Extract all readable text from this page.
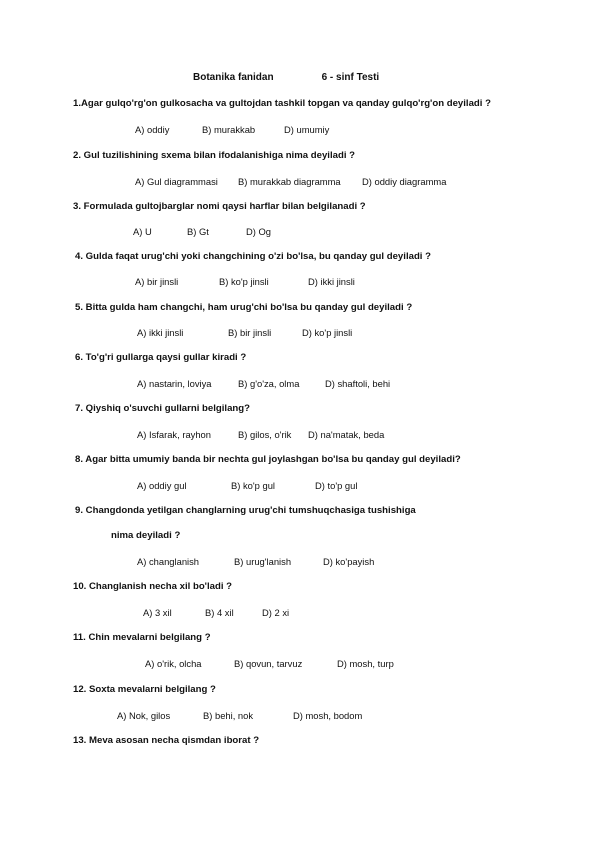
Botanika fanidan	6 - sinf Testi
1.Agar gulqo'rg'on gulkosacha va gultojdan tashkil topgan va qanday gulqo'rg'on deyiladi ?
A) oddiy	B) murakkab	D) umumiy
2. Gul tuzilishining sxema bilan ifodalanishiga nima deyiladi ?
A) Gul diagrammasi B) murakkab diagramma D) oddiy diagramma
3. Formulada gultojbarglar nomi qaysi harflar bilan belgilanadi ?
A) U	B) Gt	D) Og
4. Gulda faqat urug'chi yoki changchining o'zi bo'lsa, bu qanday gul deyiladi ?
A) bir jinsli	B) ko'p jinsli	D) ikki jinsli
5. Bitta gulda ham changchi, ham urug'chi bo'lsa bu qanday gul deyiladi ?
A) ikki jinsli	B) bir jinsli	D) ko'p jinsli
6. To'g'ri gullarga qaysi gullar kiradi ?
A) nastarin, loviya	B) g'o'za, olma	D) shaftoli, behi
7. Qiyshiq o'suvchi gullarni belgilang?
A) Isfarak, rayhon	B) gilos, o'rik D) na'matak, beda
8. Agar bitta umumiy banda bir nechta gul joylashgan bo'lsa bu qanday gul deyiladi?
A) oddiy gul	B) ko'p gul	D) to'p gul
9. Changdonda yetilgan changlarning urug'chi tumshuqchasiga tushishiga
nima deyiladi ?
A) changlanish	B) urug'lanish	D) ko'payish
10. Changlanish necha xil bo'ladi ?
A) 3 xil	B) 4 xil	D) 2 xi
11. Chin mevalarni belgilang ?
A) o'rik, olcha	B) qovun, tarvuz	D) mosh, turp
12. Soxta mevalarni belgilang ?
A) Nok, gilos	B) behi, nok	D) mosh, bodom
13. Meva asosan necha qismdan iborat ?
